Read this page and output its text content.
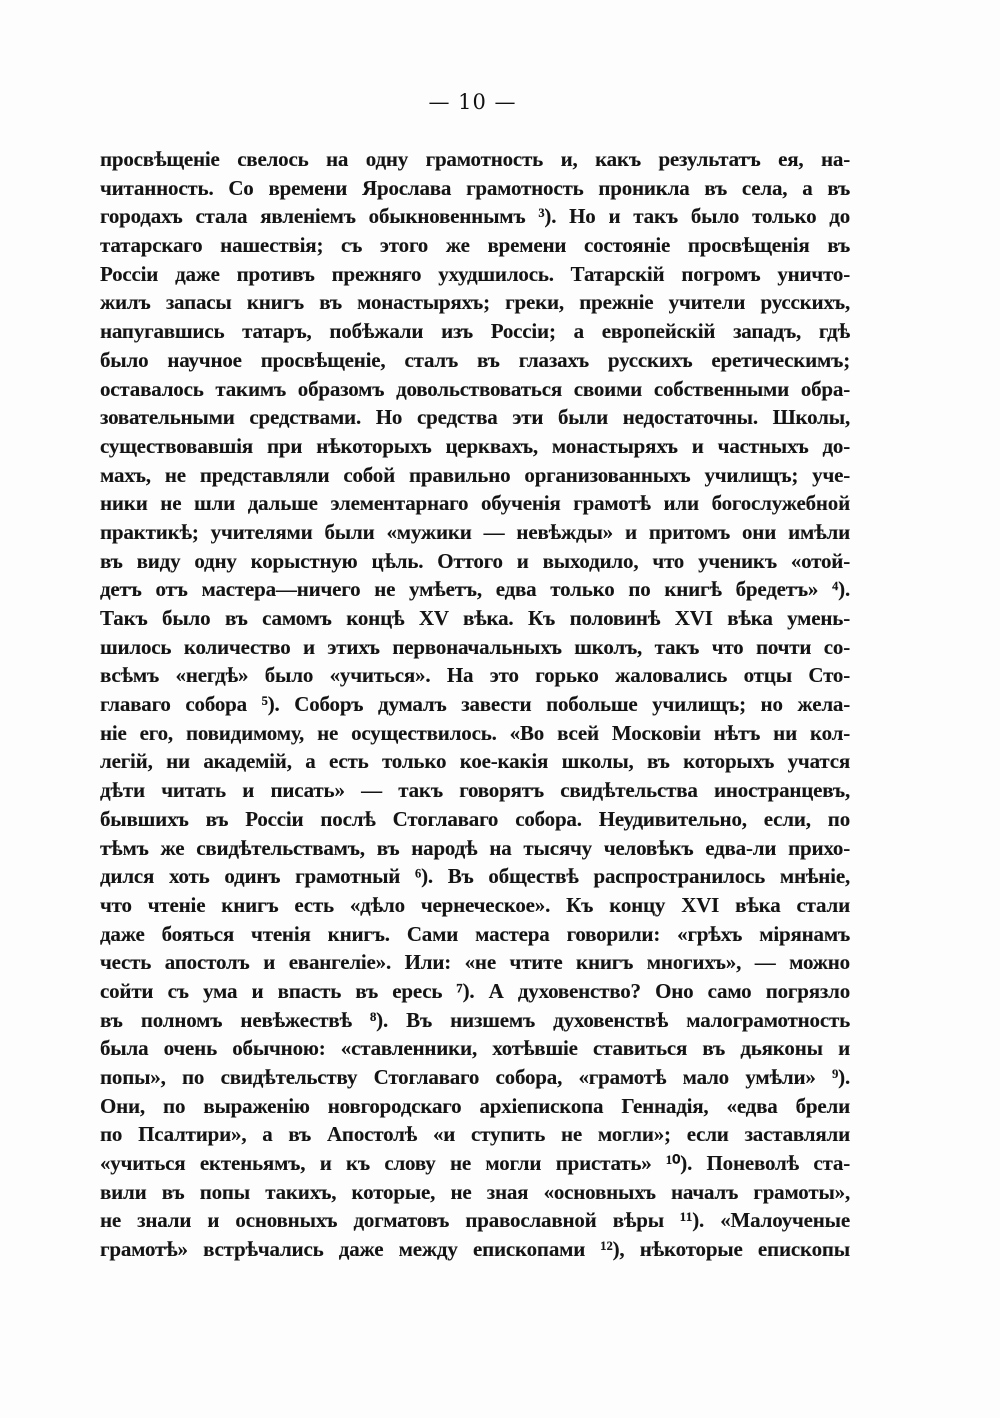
— 10 —
просвѣщеніе свелось на одну грамотность и, какъ результатъ ея, на-
читанность. Со времени Ярослава грамотность проникла въ села, а въ
городахъ стала явленіемъ обыкновеннымъ ³). Но и такъ было только до
татарскаго нашествія; съ этого же времени состояніе просвѣщенія въ
Россіи даже противъ прежняго ухудшилось. Татарскій погромъ уничто-
жилъ запасы книгъ въ монастыряхъ; греки, прежніе учители русскихъ,
напугавшись татаръ, побѣжали изъ Россіи; а европейскій западъ, гдѣ
было научное просвѣщеніе, сталъ въ глазахъ русскихъ еретическимъ;
оставалось такимъ образомъ довольствоваться своими собственными обра-
зовательными средствами. Но средства эти были недостаточны. Школы,
существовавшія при нѣкоторыхъ церквахъ, монастыряхъ и частныхъ до-
махъ, не представляли собой правильно организованныхъ училищъ; уче-
ники не шли дальше элементарнаго обученія грамотѣ или богослужебной
практикѣ; учителями были «мужики — невѣжды» и притомъ они имѣли
въ виду одну корыстную цѣль. Оттого и выходило, что ученикъ «отой-
детъ отъ мастера—ничего не умѣетъ, едва только по книгѣ бредетъ» ⁴).
Такъ было въ самомъ концѣ XV вѣка. Къ половинѣ XVI вѣка умень-
шилось количество и этихъ первоначальныхъ школъ, такъ что почти со-
всѣмъ «негдѣ» было «учиться». На это горько жаловались отцы Сто-
главаго собора ⁵). Соборъ думалъ завести побольше училищъ; но жела-
ніе его, повидимому, не осуществилось. «Во всей Московіи нѣтъ ни кол-
легій, ни академій, а есть только кое-какія школы, въ которыхъ учатся
дѣти читать и писать» — такъ говорятъ свидѣтельства иностранцевъ,
бывшихъ въ Россіи послѣ Стоглаваго собора. Неудивительно, если, по
тѣмъ же свидѣтельствамъ, въ народѣ на тысячу человѣкъ едва-ли прихо-
дился хоть одинъ грамотный ⁶). Въ обществѣ распространилось мнѣніе,
что чтеніе книгъ есть «дѣло чернеческое». Къ концу XVI вѣка стали
даже бояться чтенія книгъ. Сами мастера говорили: «грѣхъ мірянамъ
честь апостолъ и евангеліе». Или: «не чтите книгъ многихъ», — можно
сойти съ ума и впасть въ ересь ⁷). А духовенство? Оно само погрязло
въ полномъ невѣжествѣ ⁸). Въ низшемъ духовенствѣ малограмотность
была очень обычною: «ставленники, хотѣвшіе ставиться въ дьяконы и
попы», по свидѣтельству Стоглаваго собора, «грамотѣ мало умѣли» ⁹).
Они, по выраженію новгородскаго архіепископа Геннадія, «едва брели
по Псалтири», а въ Апостолѣ «и ступить не могли»; если заставляли
«учиться ектеньямъ, и къ слову не могли пристать» ¹⁰). Поневолѣ ста-
вили въ попы такихъ, которые, не зная «основныхъ началъ грамоты»,
не знали и основныхъ догматовъ православной вѣры ¹¹). «Малоученые
грамотѣ» встрѣчались даже между епископами ¹²), нѣкоторые епископы
